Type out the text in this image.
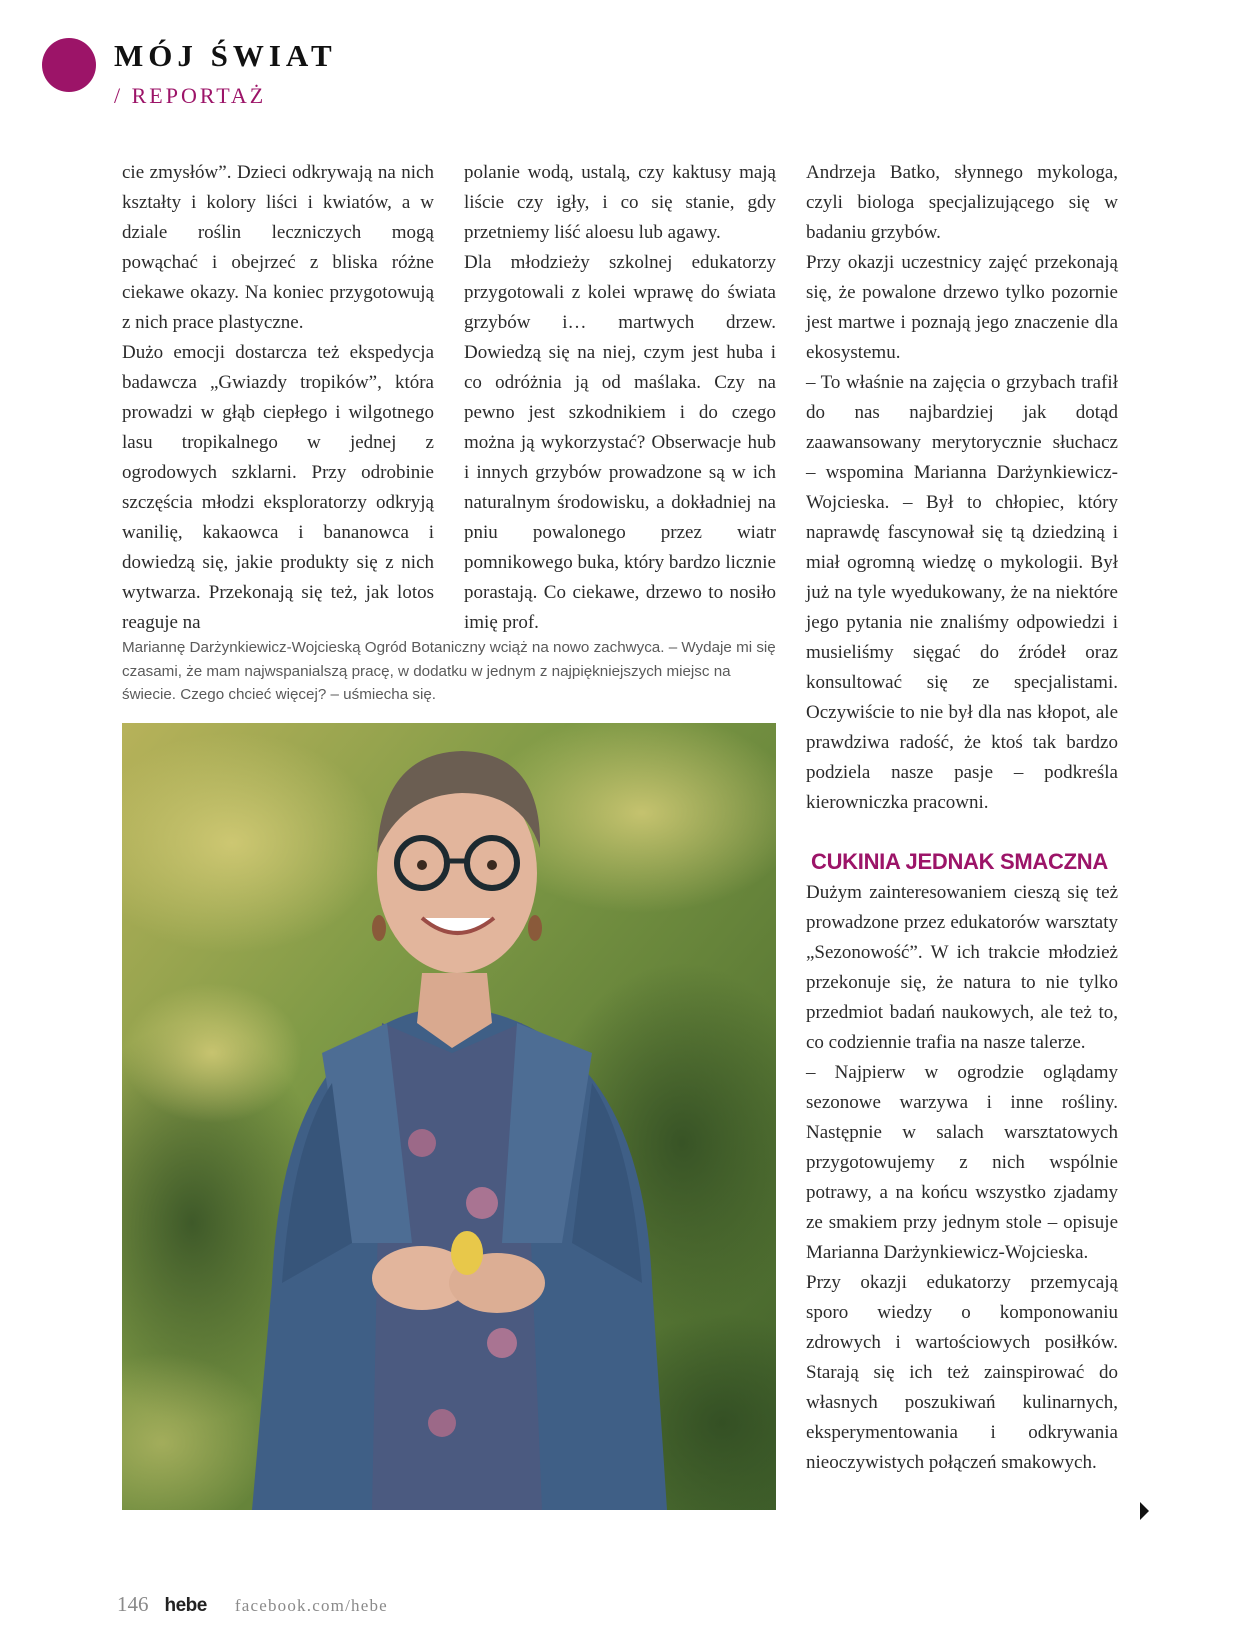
MÓJ ŚWIAT
/ REPORTAŻ

cie zmysłów”. Dzieci odkrywają na nich kształty i kolory liści i kwiatów, a w dziale roślin leczniczych mogą powąchać i obejrzeć z bliska różne ciekawe okazy. Na koniec przygotowują z nich prace plastyczne.

Dużo emocji dostarcza też ekspedycja badawcza „Gwiazdy tropików”, która prowadzi w głąb ciepłego i wilgotnego lasu tropikalnego w jednej z ogrodowych szklarni. Przy odrobinie szczęścia młodzi eksploratorzy odkryją wanilię, kakaowca i bananowca i dowiedzą się, jakie produkty się z nich wytwarza. Przekonają się też, jak lotos reaguje na

polanie wodą, ustalą, czy kaktusy mają liście czy igły, i co się stanie, gdy przetniemy liść aloesu lub agawy.

Dla młodzieży szkolnej edukatorzy przygotowali z kolei wprawę do świata grzybów i… martwych drzew. Dowiedzą się na niej, czym jest huba i co odróżnia ją od maślaka. Czy na pewno jest szkodnikiem i do czego można ją wykorzystać? Obserwacje hub i innych grzybów prowadzone są w ich naturalnym środowisku, a dokładniej na pniu powalonego przez wiatr pomnikowego buka, który bardzo licznie porastają. Co ciekawe, drzewo to nosiło imię prof.

Andrzeja Batko, słynnego mykologa, czyli biologa specjalizującego się w badaniu grzybów.

Przy okazji uczestnicy zajęć przekonają się, że powalone drzewo tylko pozornie jest martwe i poznają jego znaczenie dla ekosystemu.

– To właśnie na zajęcia o grzybach trafił do nas najbardziej jak dotąd zaawansowany merytorycznie słuchacz – wspomina Marianna Darżynkiewicz-Wojcieska. – Był to chłopiec, który naprawdę fascynował się tą dziedziną i miał ogromną wiedzę o mykologii. Był już na tyle wyedukowany, że na niektóre jego pytania nie znaliśmy odpowiedzi i musieliśmy sięgać do źródeł oraz konsultować się ze specjalistami. Oczywiście to nie był dla nas kłopot, ale prawdziwa radość, że ktoś tak bardzo podziela nasze pasje – podkreśla kierowniczka pracowni.

CUKINIA JEDNAK SMACZNA

Dużym zainteresowaniem cieszą się też prowadzone przez edukatorów warsztaty „Sezonowość”. W ich trakcie młodzież przekonuje się, że natura to nie tylko przedmiot badań naukowych, ale też to, co codziennie trafia na nasze talerze.

– Najpierw w ogrodzie oglądamy sezonowe warzywa i inne rośliny. Następnie w salach warsztatowych przygotowujemy z nich wspólnie potrawy, a na końcu wszystko zjadamy ze smakiem przy jednym stole – opisuje Marianna Darżynkiewicz-Wojcieska.

Przy okazji edukatorzy przemycają sporo wiedzy o komponowaniu zdrowych i wartościowych posiłków. Starają się ich też zainspirować do własnych poszukiwań kulinarnych, eksperymentowania i odkrywania nieoczywistych połączeń smakowych.

Mariannę Darżynkiewicz-Wojcieską Ogród Botaniczny wciąż na nowo zachwyca. – Wydaje mi się czasami, że mam najwspanialszą pracę, w dodatku w jednym z najpiękniejszych miejsc na świecie. Czego chcieć więcej? – uśmiecha się.
146 hebe facebook.com/hebe
